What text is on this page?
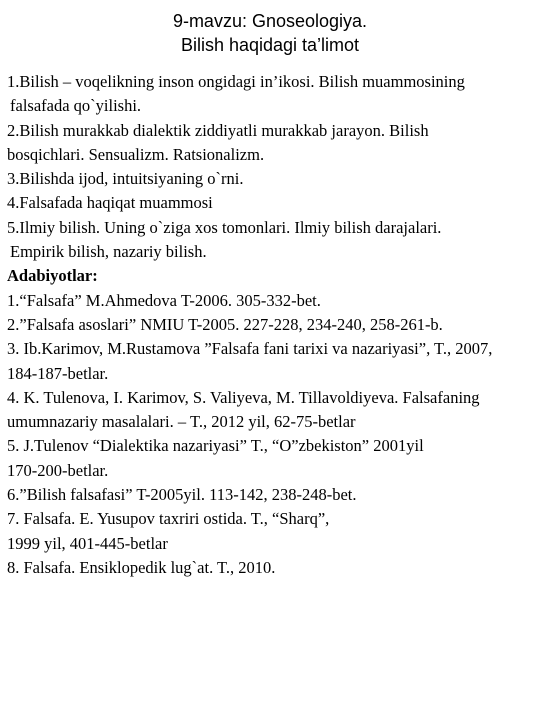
9-mavzu: Gnoseologiya.
Bilish haqidagi ta’limot
1.Bilish – voqelikning inson ongidagi in’ikosi. Bilish muammosining
falsafada qo`yilishi.
2.Bilish murakkab dialektik ziddiyatli murakkab jarayon. Bilish
bosqichlari. Sensualizm. Ratsionalizm.
3.Bilishda ijod, intuitsiyaning o`rni.
4.Falsafada haqiqat muammosi
5.Ilmiy bilish. Uning o`ziga xos tomonlari. Ilmiy bilish darajalari.
Empirik bilish, nazariy bilish.
Adabiyotlar:
1.“Falsafa” M.Ahmedova T-2006. 305-332-bet.
2.”Falsafa asoslari” NMIU T-2005. 227-228, 234-240, 258-261-b.
3. Ib.Karimov, M.Rustamova ”Falsafa fani tarixi va nazariyasi”, T., 2007,
184-187-betlar.
4. K. Tulenova, I. Karimov, S. Valiyeva, M. Tillavoldiyeva. Falsafaning
umumnazariy masalalari. – T., 2012 yil, 62-75-betlar
5. J.Tulenov “Dialektika nazariyasi” T., “O”zbekiston” 2001yil
170-200-betlar.
6.”Bilish falsafasi” T-2005yil. 113-142, 238-248-bet.
7. Falsafa. E. Yusupov taxriri ostida. T., “Sharq”,
1999 yil, 401-445-betlar
8. Falsafa. Ensiklopedik lug`at. T., 2010.
